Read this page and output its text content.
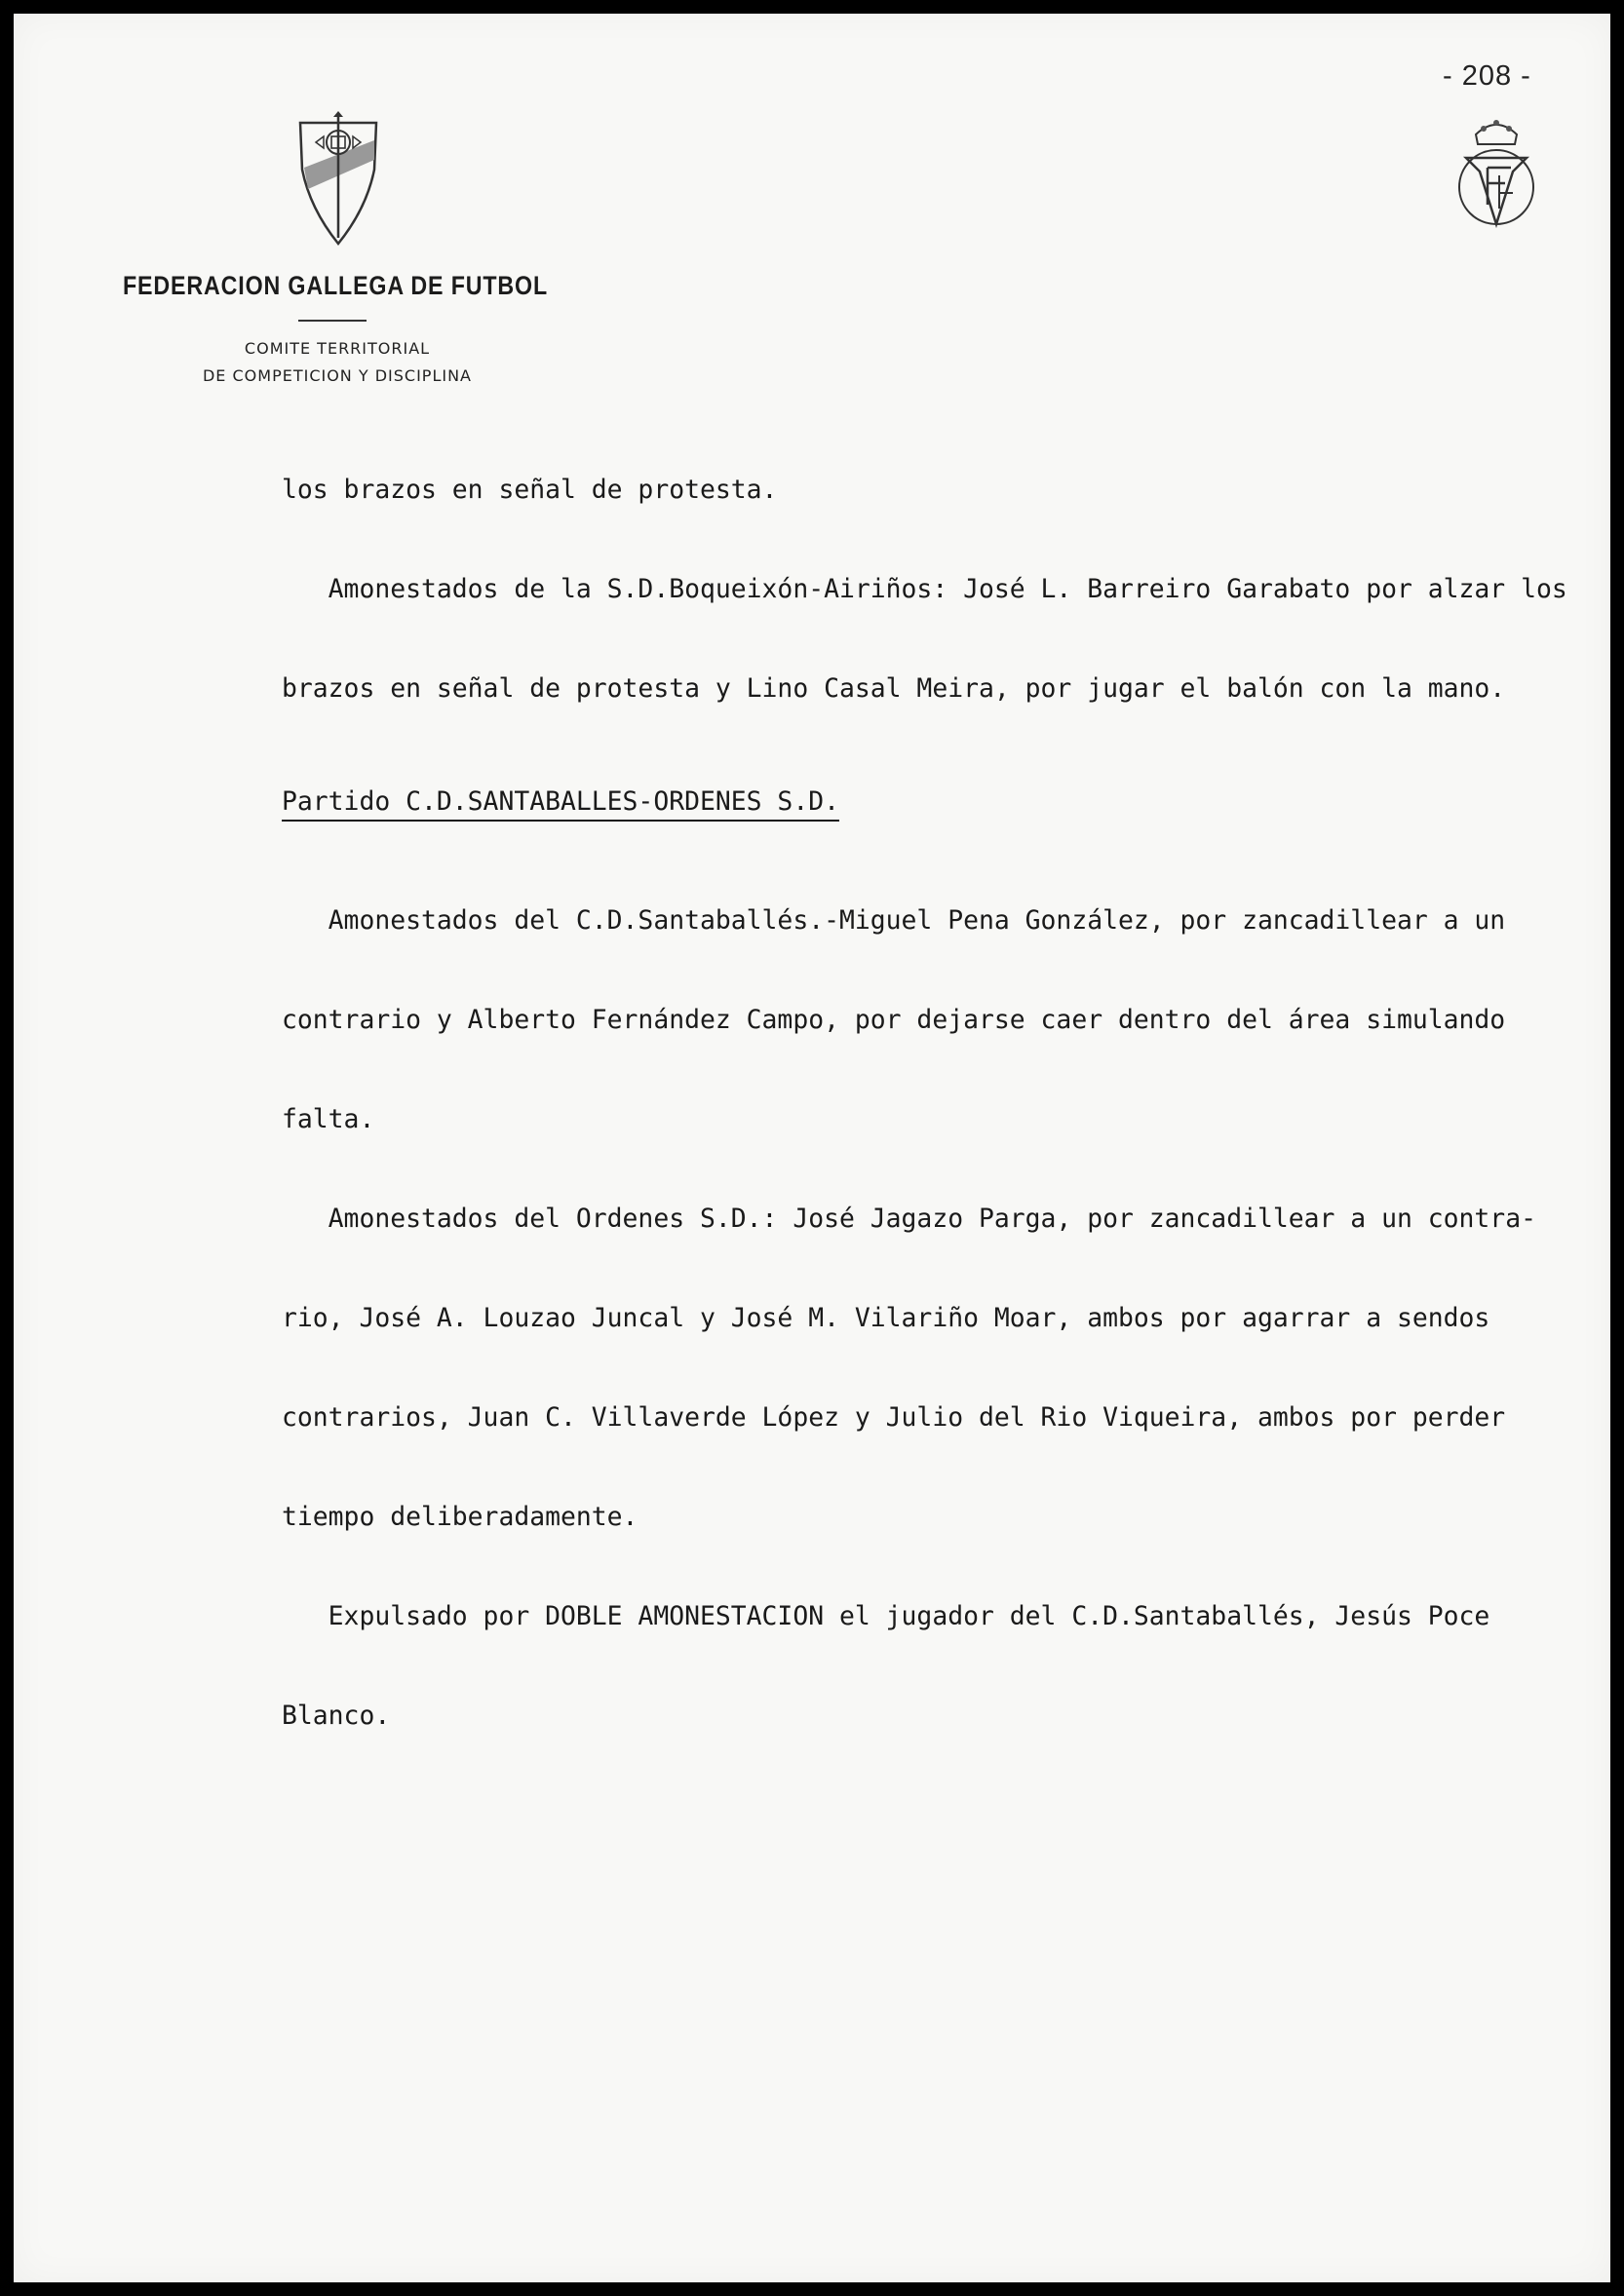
- 208 -
FEDERACION GALLEGA DE FUTBOL
COMITE TERRITORIAL
DE COMPETICION Y DISCIPLINA

los brazos en señal de protesta.

Amonestados de la S.D.Boqueixón-Airiños: José L. Barreiro Garabato por alzar los

brazos en señal de protesta y Lino Casal Meira, por jugar el balón con la mano.

Partido C.D.SANTABALLES-ORDENES S.D.

Amonestados del C.D.Santaballés.-Miguel Pena González, por zancadillear a un

contrario y Alberto Fernández Campo, por dejarse caer dentro del área simulando

falta.

Amonestados del Ordenes S.D.: José Jagazo Parga, por zancadillear a un contra-

rio, José A. Louzao Juncal y José M. Vilariño Moar, ambos por agarrar a sendos

contrarios, Juan C. Villaverde López y Julio del Rio Viqueira, ambos por perder

tiempo deliberadamente.

Expulsado por DOBLE AMONESTACION el jugador del C.D.Santaballés, Jesús Poce

Blanco.
